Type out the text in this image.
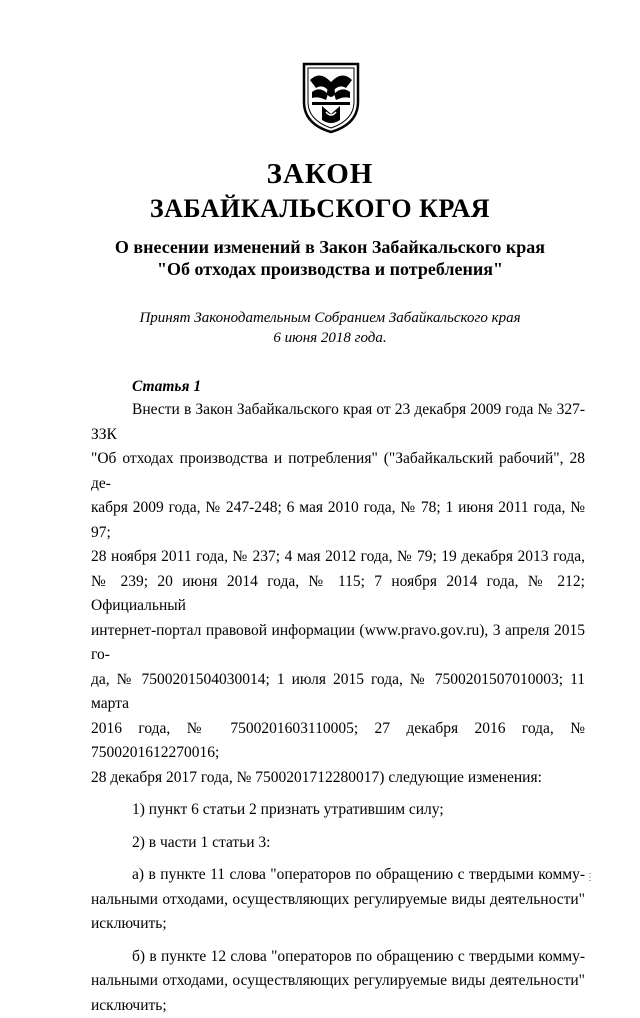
ЗАКОН
ЗАБАЙКАЛЬСКОГО КРАЯ
О внесении изменений в Закон Забайкальского края
"Об отходах производства и потребления"
Принят Законодательным Собранием Забайкальского края
6 июня 2018 года.
Статья 1

Внести в Закон Забайкальского края от 23 декабря 2009 года № 327-ЗЗК

"Об отходах производства и потребления" ("Забайкальский рабочий", 28 де-

кабря 2009 года, № 247-248; 6 мая 2010 года, № 78; 1 июня 2011 года, № 97;

28 ноября 2011 года, № 237; 4 мая 2012 года, № 79; 19 декабря 2013 года,

№ 239; 20 июня 2014 года, № 115; 7 ноября 2014 года, № 212; Официальный

интернет-портал правовой информации (www.pravo.gov.ru), 3 апреля 2015 го-

да, № 7500201504030014; 1 июля 2015 года, № 7500201507010003; 11 марта

2016 года, № 7500201603110005; 27 декабря 2016 года, № 7500201612270016;

28 декабря 2017 года, № 7500201712280017) следующие изменения:

1) пункт 6 статьи 2 признать утратившим силу;

2) в части 1 статьи 3:

а) в пункте 11 слова "операторов по обращению с твердыми комму-

нальными отходами, осуществляющих регулируемые виды деятельности"

исключить;

б) в пункте 12 слова "операторов по обращению с твердыми комму-

нальными отходами, осуществляющих регулируемые виды деятельности"

исключить;

⋮
